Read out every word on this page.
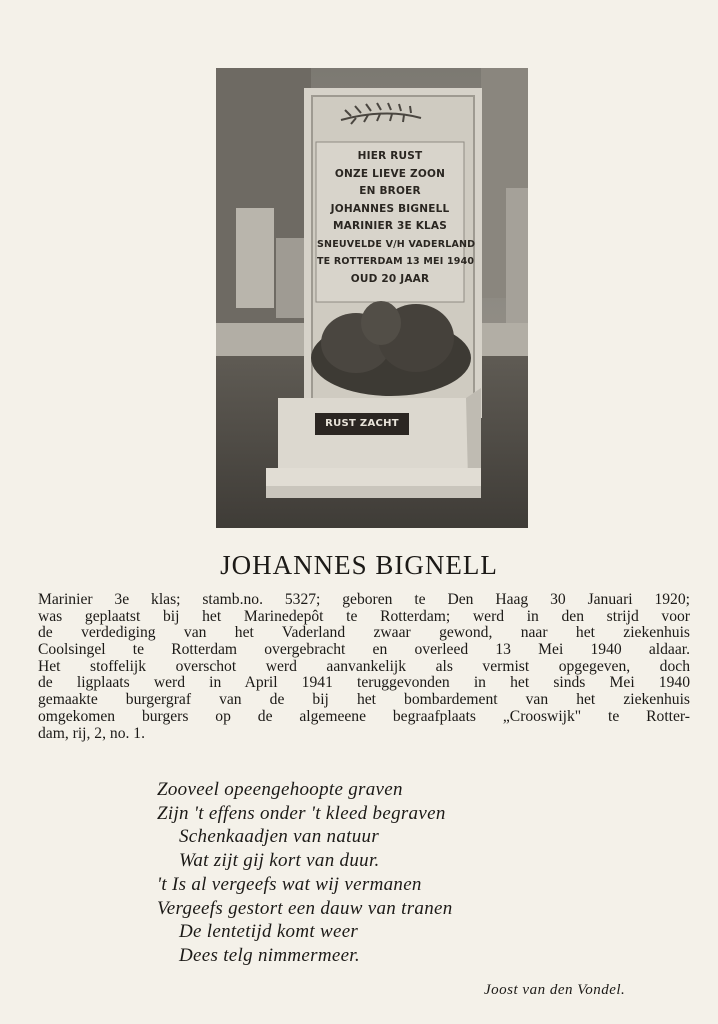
HIER RUST
ONZE LIEVE ZOON
EN BROER
JOHANNES BIGNELL
MARINIER 3E KLAS
SNEUVELDE V/H VADERLAND
TE ROTTERDAM 13 MEI 1940
OUD 20 JAAR
RUST ZACHT
JOHANNES BIGNELL
Marinier 3e klas; stamb.no. 5327; geboren te Den Haag 30 Januari 1920;
was geplaatst bij het Marinedepôt te Rotterdam; werd in den strijd voor
de verdediging van het Vaderland zwaar gewond, naar het ziekenhuis
Coolsingel te Rotterdam overgebracht en overleed 13 Mei 1940 aldaar.
Het stoffelijk overschot werd aanvankelijk als vermist opgegeven, doch
de ligplaats werd in April 1941 teruggevonden in het sinds Mei 1940
gemaakte burgergraf van de bij het bombardement van het ziekenhuis
omgekomen burgers op de algemeene begraafplaats „Crooswijk" te Rotter-
dam, rij, 2, no. 1.
Zooveel opeengehoopte graven
Zijn 't effens onder 't kleed begraven
Schenkaadjen van natuur
Wat zijt gij kort van duur.
't Is al vergeefs wat wij vermanen
Vergeefs gestort een dauw van tranen
De lentetijd komt weer
Dees telg nimmermeer.
Joost van den Vondel.
